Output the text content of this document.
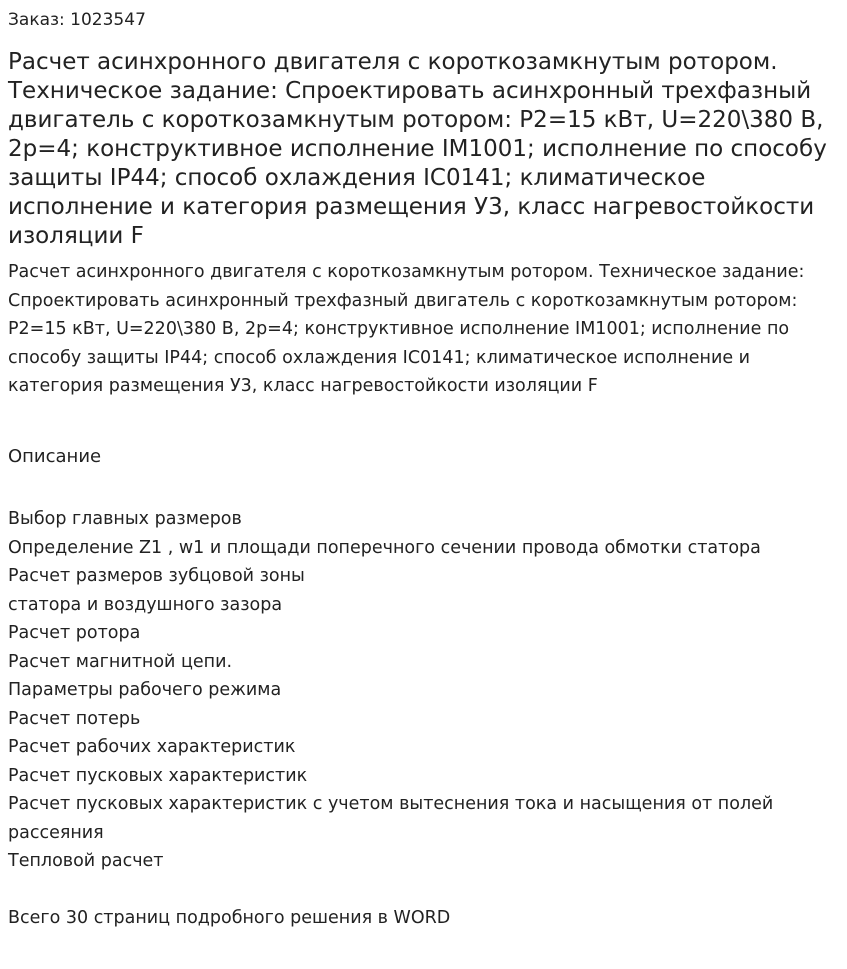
Заказ: 1023547

Расчет асинхронного двигателя с короткозамкнутым ротором. Техническое задание: Спроектировать асинхронный трехфазный двигатель с короткозамкнутым ротором: P2=15 кВт, U=220\380 В, 2р=4; конструктивное исполнение IM1001; исполнение по способу защиты IP44; способ охлаждения IC0141; климатическое исполнение и категория размещения У3, класс нагревостойкости изоляции F

Расчет асинхронного двигателя с короткозамкнутым ротором. Техническое задание: Спроектировать асинхронный трехфазный двигатель с короткозамкнутым ротором: P2=15 кВт, U=220\380 В, 2р=4; конструктивное исполнение IM1001; исполнение по способу защиты IP44; способ охлаждения IC0141; климатическое исполнение и категория размещения У3, класс нагревостойкости изоляции F

Описание
Выбор главных размеров
Определение Z1 , w1 и площади поперечного сечении провода обмотки статора
Расчет размеров зубцовой зоны
статора и воздушного зазора
Расчет ротора
Расчет магнитной цепи.
Параметры рабочего режима
Расчет потерь
Расчет рабочих характеристик
Расчет пусковых характеристик
Расчет пусковых характеристик с учетом вытеснения тока и насыщения от полей рассеяния
Тепловой расчет

Всего 30 страниц подробного решения в WORD
